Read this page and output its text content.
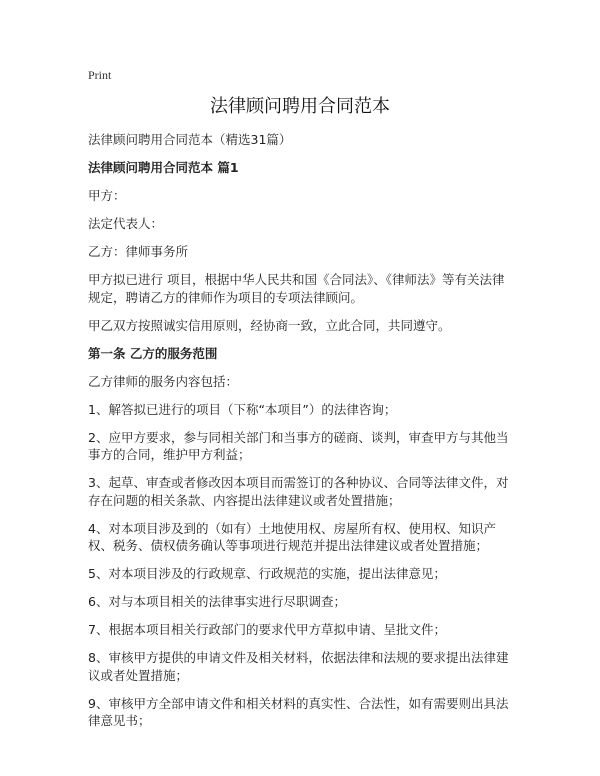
Print
法律顾问聘用合同范本

法律顾问聘用合同范本（精选31篇）

法律顾问聘用合同范本 篇1

甲方：

法定代表人：

乙方：律师事务所

甲方拟已进行 项目，根据中华人民共和国《合同法》、《律师法》等有关法律规定，聘请乙方的律师作为项目的专项法律顾问。

甲乙双方按照诚实信用原则，经协商一致，立此合同，共同遵守。

第一条 乙方的服务范围

乙方律师的服务内容包括：

1、解答拟已进行的项目（下称“本项目”）的法律咨询；

2、应甲方要求，参与同相关部门和当事方的磋商、谈判，审查甲方与其他当事方的合同，维护甲方利益；

3、起草、审查或者修改因本项目而需签订的各种协议、合同等法律文件，对存在问题的相关条款、内容提出法律建议或者处置措施；

4、对本项目涉及到的（如有）土地使用权、房屋所有权、使用权、知识产权、税务、债权债务确认等事项进行规范并提出法律建议或者处置措施；

5、对本项目涉及的行政规章、行政规范的实施，提出法律意见；

6、对与本项目相关的法律事实进行尽职调查；

7、根据本项目相关行政部门的要求代甲方草拟申请、呈批文件；

8、审核甲方提供的申请文件及相关材料，依据法律和法规的要求提出法律建议或者处置措施；

9、审核甲方全部申请文件和相关材料的真实性、合法性，如有需要则出具法律意见书；
